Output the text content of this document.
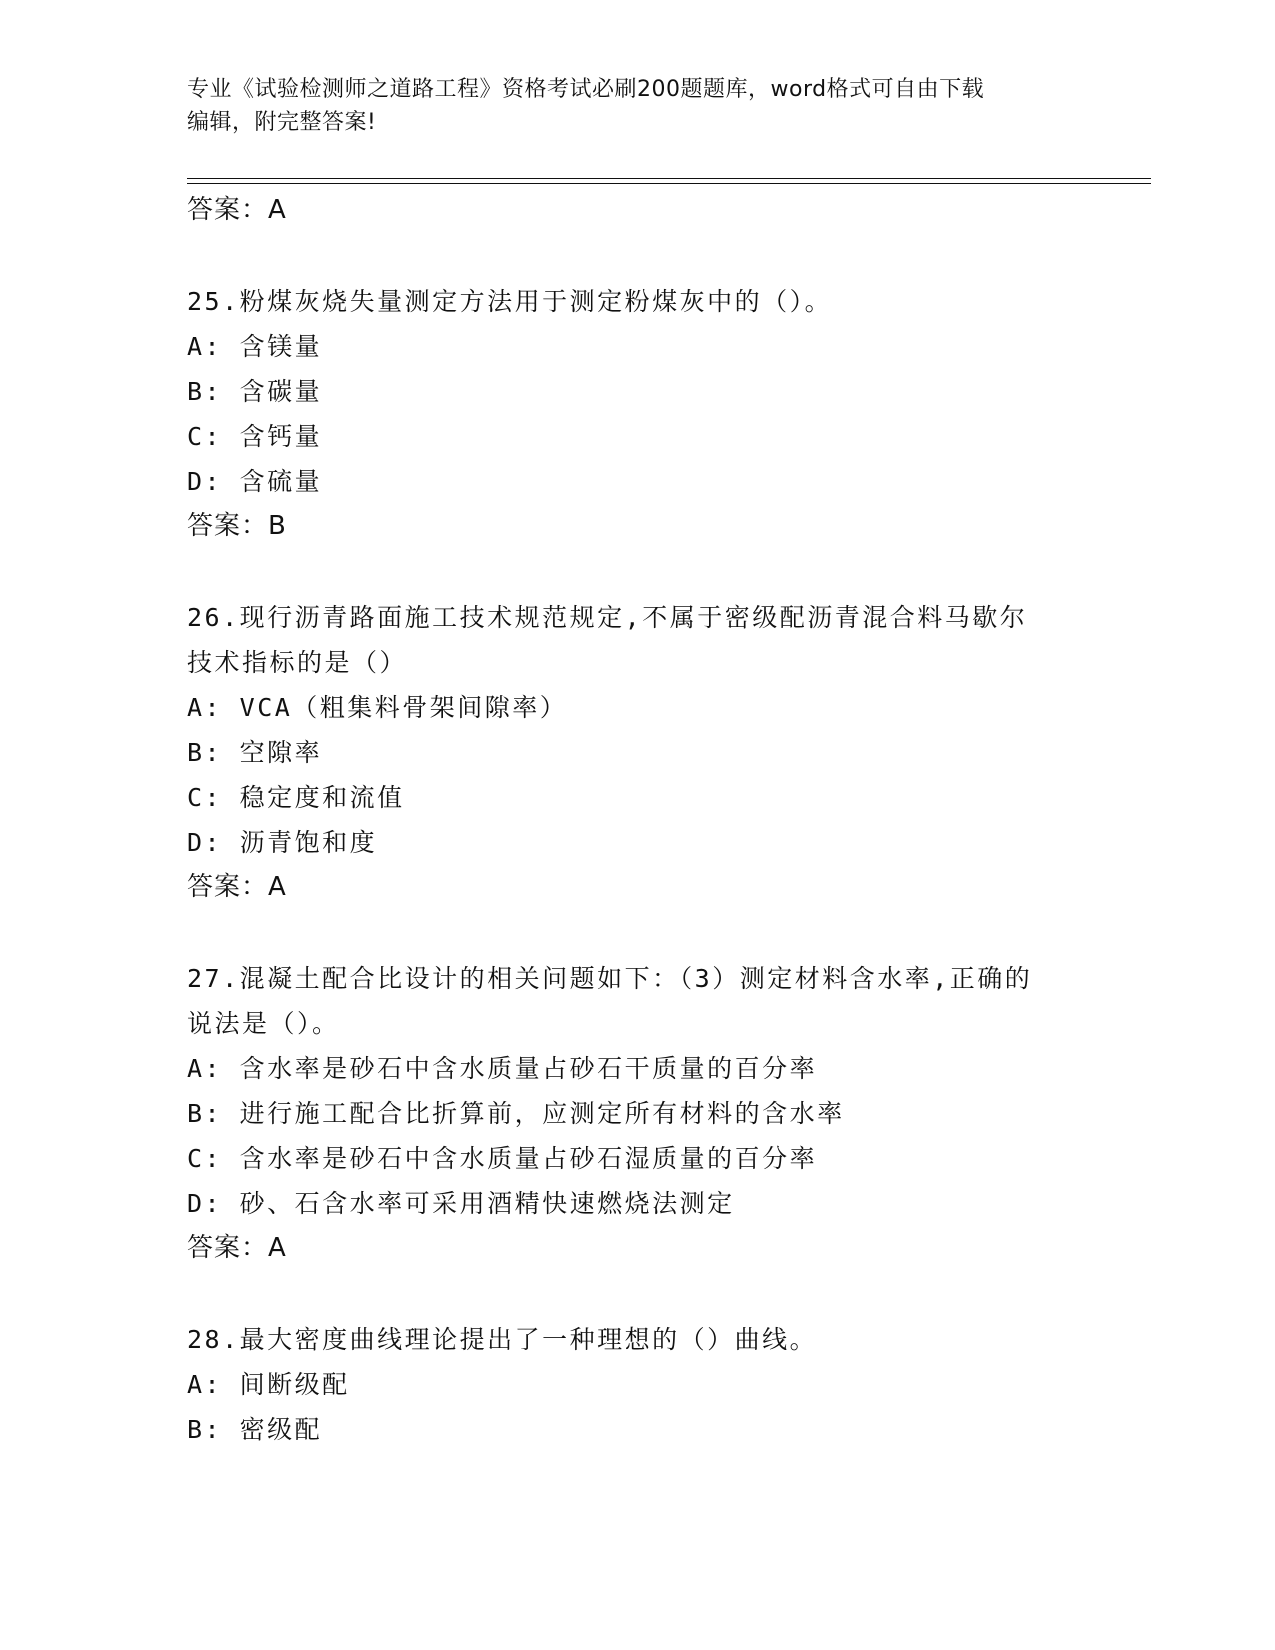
专业《试验检测师之道路工程》资格考试必刷200题题库，word格式可自由下载
编辑，附完整答案!
答案：A
25.粉煤灰烧失量测定方法用于测定粉煤灰中的（）。
A: 含镁量
B: 含碳量
C: 含钙量
D: 含硫量
答案：B
26.现行沥青路面施工技术规范规定,不属于密级配沥青混合料马歇尔
技术指标的是（）
A: VCA（粗集料骨架间隙率）
B: 空隙率
C: 稳定度和流值
D: 沥青饱和度
答案：A
27.混凝土配合比设计的相关问题如下：（3）测定材料含水率,正确的
说法是（）。
A: 含水率是砂石中含水质量占砂石干质量的百分率
B: 进行施工配合比折算前，应测定所有材料的含水率
C: 含水率是砂石中含水质量占砂石湿质量的百分率
D: 砂、石含水率可采用酒精快速燃烧法测定
答案：A
28.最大密度曲线理论提出了一种理想的（）曲线。
A: 间断级配
B: 密级配
